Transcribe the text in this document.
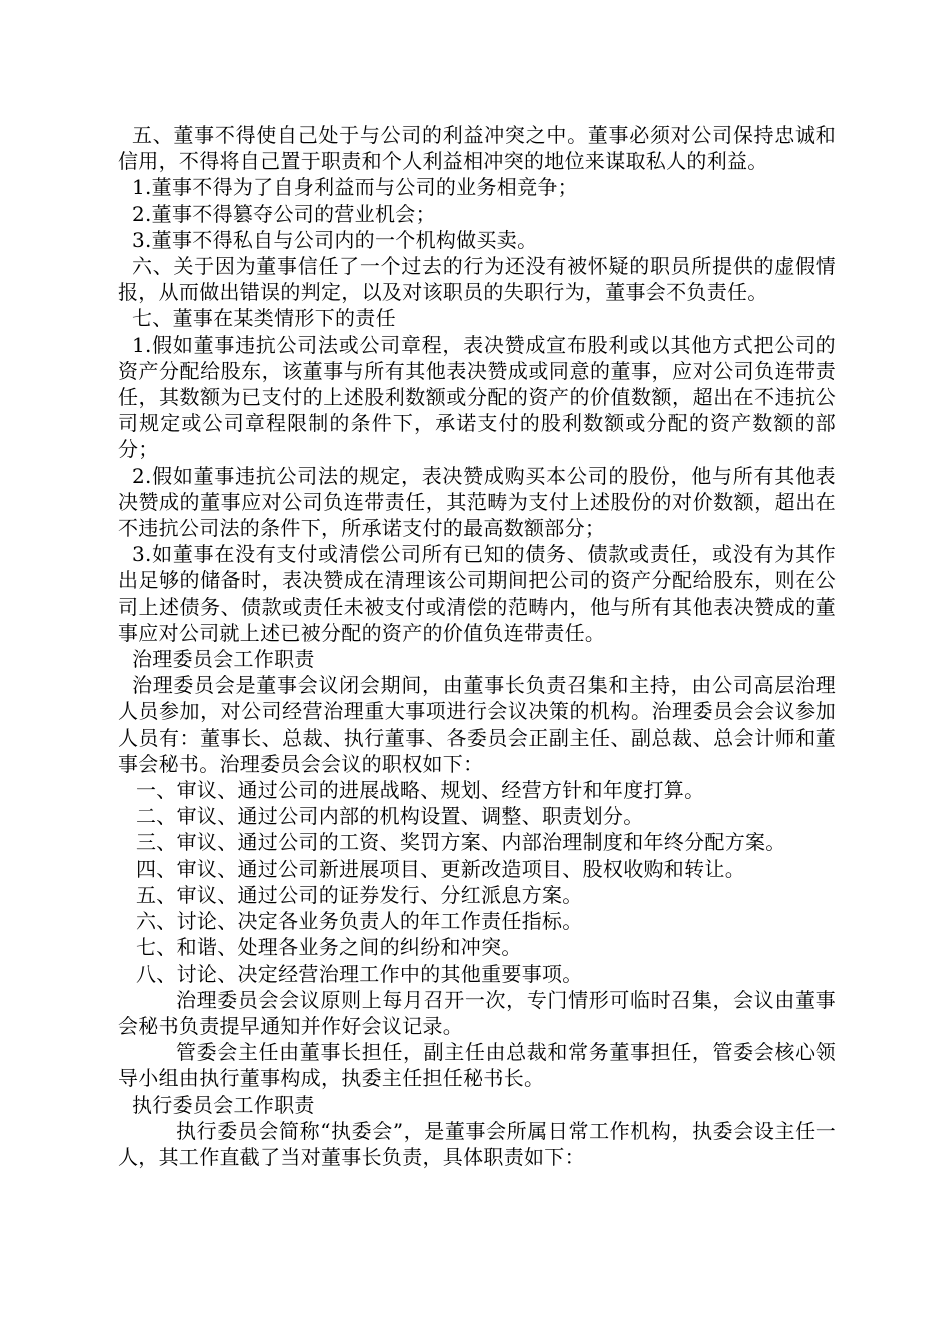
五、董事不得使自己处于与公司的利益冲突之中。董事必须对公司保持忠诚和信用，不得将自己置于职责和个人利益相冲突的地位来谋取私人的利益。

1.董事不得为了自身利益而与公司的业务相竞争；

2.董事不得篡夺公司的营业机会；

3.董事不得私自与公司内的一个机构做买卖。

六、关于因为董事信任了一个过去的行为还没有被怀疑的职员所提供的虚假情报，从而做出错误的判定，以及对该职员的失职行为，董事会不负责任。

七、董事在某类情形下的责任

1.假如董事违抗公司法或公司章程，表决赞成宣布股利或以其他方式把公司的资产分配给股东，该董事与所有其他表决赞成或同意的董事，应对公司负连带责任，其数额为已支付的上述股利数额或分配的资产的价值数额，超出在不违抗公司规定或公司章程限制的条件下，承诺支付的股利数额或分配的资产数额的部分；

2.假如董事违抗公司法的规定，表决赞成购买本公司的股份，他与所有其他表决赞成的董事应对公司负连带责任，其范畴为支付上述股份的对价数额，超出在不违抗公司法的条件下，所承诺支付的最高数额部分；

3.如董事在没有支付或清偿公司所有已知的债务、债款或责任，或没有为其作出足够的储备时，表决赞成在清理该公司期间把公司的资产分配给股东，则在公司上述债务、债款或责任未被支付或清偿的范畴内，他与所有其他表决赞成的董事应对公司就上述已被分配的资产的价值负连带责任。

治理委员会工作职责

治理委员会是董事会议闭会期间，由董事长负责召集和主持，由公司高层治理人员参加，对公司经营治理重大事项进行会议决策的机构。治理委员会会议参加人员有：董事长、总裁、执行董事、各委员会正副主任、副总裁、总会计师和董事会秘书。治理委员会会议的职权如下：

一、审议、通过公司的进展战略、规划、经营方针和年度打算。

二、审议、通过公司内部的机构设置、调整、职责划分。

三、审议、通过公司的工资、奖罚方案、内部治理制度和年终分配方案。

四、审议、通过公司新进展项目、更新改造项目、股权收购和转让。

五、审议、通过公司的证券发行、分红派息方案。

六、讨论、决定各业务负责人的年工作责任指标。

七、和谐、处理各业务之间的纠纷和冲突。

八、讨论、决定经营治理工作中的其他重要事项。

治理委员会会议原则上每月召开一次，专门情形可临时召集，会议由董事会秘书负责提早通知并作好会议记录。

管委会主任由董事长担任，副主任由总裁和常务董事担任，管委会核心领导小组由执行董事构成，执委主任担任秘书长。

执行委员会工作职责

执行委员会简称“执委会”，是董事会所属日常工作机构，执委会设主任一人，其工作直截了当对董事长负责，具体职责如下：
